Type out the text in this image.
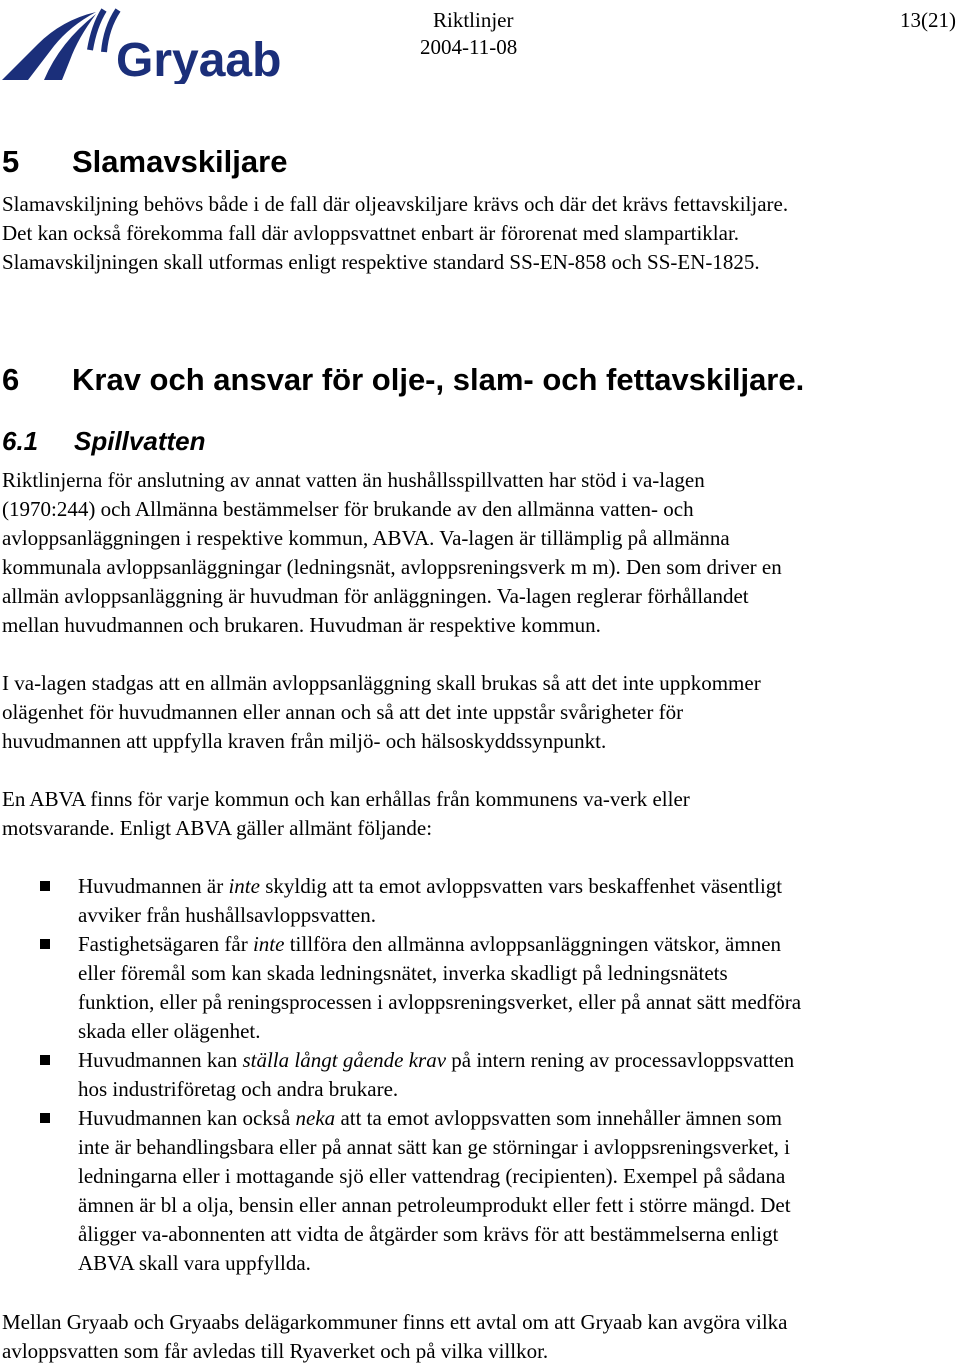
Gryaab
Riktlinjer
2004-11-08
13(21)
5 Slamavskiljare
Slamavskiljning behövs både i de fall där oljeavskiljare krävs och där det krävs fettavskiljare.
Det kan också förekomma fall där avloppsvattnet enbart är förorenat med slampartiklar.
Slamavskiljningen skall utformas enligt respektive standard SS-EN-858 och SS-EN-1825.
6 Krav och ansvar för olje-, slam- och fettavskiljare.
6.1 Spillvatten
Riktlinjerna för anslutning av annat vatten än hushållsspillvatten har stöd i va-lagen
(1970:244) och Allmänna bestämmelser för brukande av den allmänna vatten- och
avloppsanläggningen i respektive kommun, ABVA. Va-lagen är tillämplig på allmänna
kommunala avloppsanläggningar (ledningsnät, avloppsreningsverk m m). Den som driver en
allmän avloppsanläggning är huvudman för anläggningen. Va-lagen reglerar förhållandet
mellan huvudmannen och brukaren. Huvudman är respektive kommun.
I va-lagen stadgas att en allmän avloppsanläggning skall brukas så att det inte uppkommer
olägenhet för huvudmannen eller annan och så att det inte uppstår svårigheter för
huvudmannen att uppfylla kraven från miljö- och hälsoskyddssynpunkt.
En ABVA finns för varje kommun och kan erhållas från kommunens va-verk eller
motsvarande. Enligt ABVA gäller allmänt följande:
Huvudmannen är inte skyldig att ta emot avloppsvatten vars beskaffenhet väsentligt
avviker från hushållsavloppsvatten.
Fastighetsägaren får inte tillföra den allmänna avloppsanläggningen vätskor, ämnen
eller föremål som kan skada ledningsnätet, inverka skadligt på ledningsnätets
funktion, eller på reningsprocessen i avloppsreningsverket, eller på annat sätt medföra
skada eller olägenhet.
Huvudmannen kan ställa långt gående krav på intern rening av processavloppsvatten
hos industriföretag och andra brukare.
Huvudmannen kan också neka att ta emot avloppsvatten som innehåller ämnen som
inte är behandlingsbara eller på annat sätt kan ge störningar i avloppsreningsverket, i
ledningarna eller i mottagande sjö eller vattendrag (recipienten). Exempel på sådana
ämnen är bl a olja, bensin eller annan petroleumprodukt eller fett i större mängd. Det
åligger va-abonnenten att vidta de åtgärder som krävs för att bestämmelserna enligt
ABVA skall vara uppfyllda.
Mellan Gryaab och Gryaabs delägarkommuner finns ett avtal om att Gryaab kan avgöra vilka
avloppsvatten som får avledas till Ryaverket och på vilka villkor.
